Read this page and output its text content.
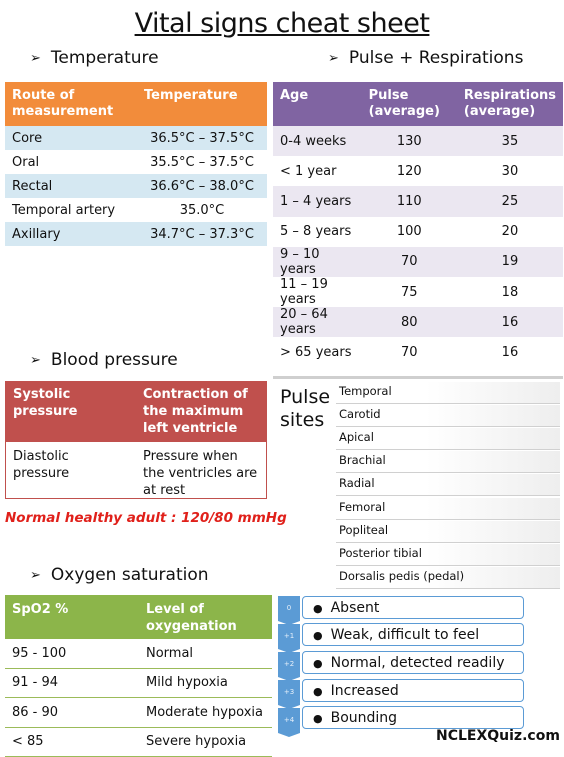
Vital signs cheat sheet
➢ Temperature	➢ Pulse + Respirations
➢ Blood pressure
➢ Oxygen saturation
Route of measurement	Temperature
Core	36.5°C – 37.5°C
Oral	35.5°C – 37.5°C
Rectal	36.6°C – 38.0°C
Temporal artery	35.0°C
Axillary	34.7°C – 37.3°C
Age	Pulse (average)	Respirations (average)
0-4 weeks	130	35
< 1 year	120	30
1 – 4 years	110	25
5 – 8 years	100	20
9 – 10 years	70	19
11 – 19 years	75	18
20 – 64 years	80	16
> 65 years	70	16
Systolic pressure	Contraction of the maximum left ventricle
Diastolic pressure	Pressure when the ventricles are at rest
Normal healthy adult : 120/80 mmHg
Pulse sites
Temporal
Carotid
Apical
Brachial
Radial
Femoral
Popliteal
Posterior tibial
Dorsalis pedis (pedal)
SpO2 %	Level of oxygenation
95 - 100	Normal
91 - 94	Mild hypoxia
86 - 90	Moderate hypoxia
< 85	Severe hypoxia
0
+1
+2
+3
+4
● Absent
● Weak, difficult to feel
● Normal, detected readily
● Increased
● Bounding
NCLEXQuiz.com
